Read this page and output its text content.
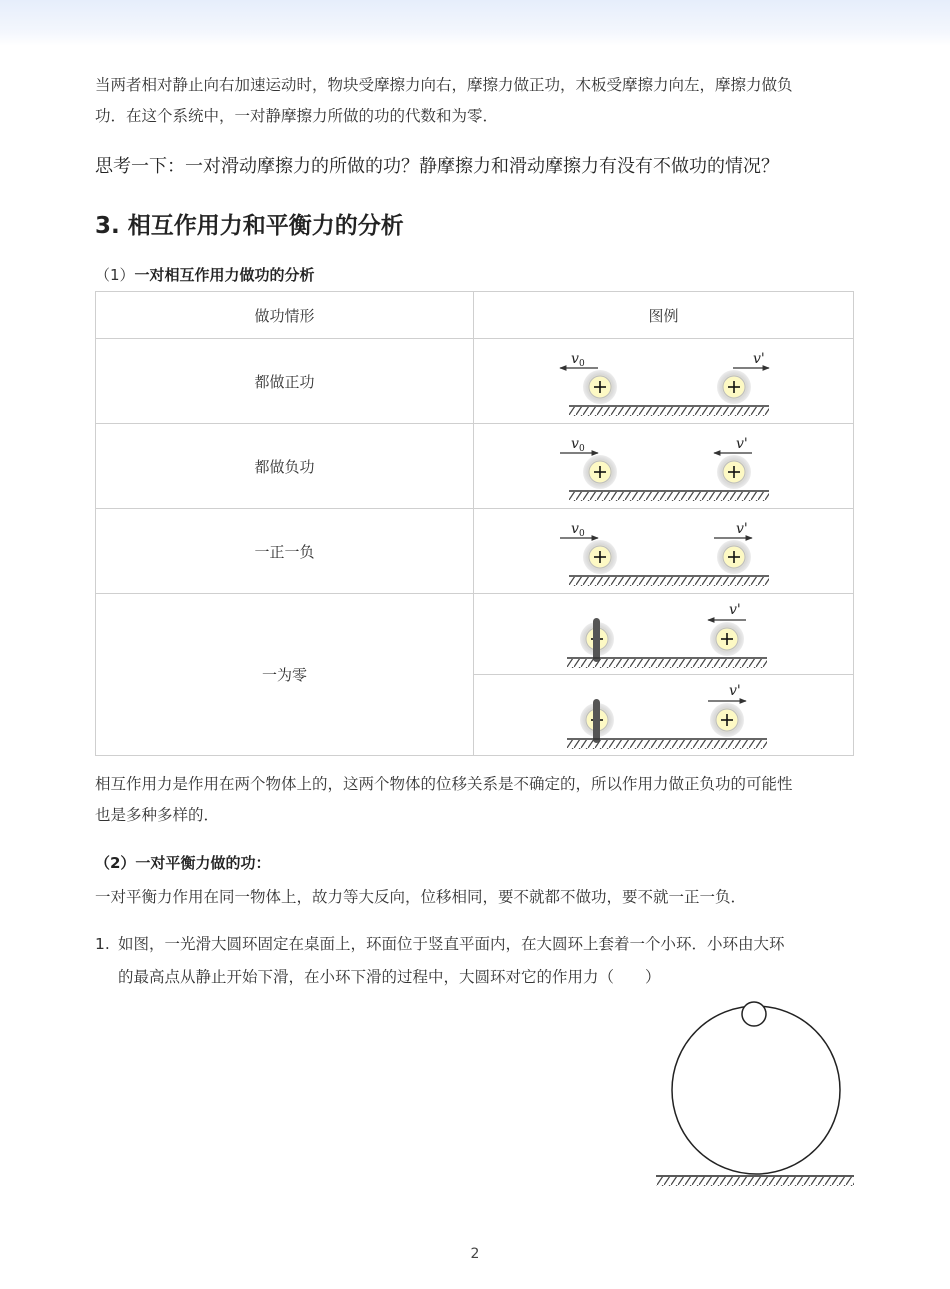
当两者相对静止向右加速运动时，物块受摩擦力向右，摩擦力做正功，木板受摩擦力向左，摩擦力做负
功．在这个系统中，一对静摩擦力所做的功的代数和为零．
思考一下：一对滑动摩擦力的所做的功？静摩擦力和滑动摩擦力有没有不做功的情况？
3. 相互作用力和平衡力的分析
（1）一对相互作用力做功的分析
做功情形	图例
都做正功	v 0 v'

都做负功	v 0 v'

一正一负	v 0 v'

一为零	v'

v'
相互作用力是作用在两个物体上的，这两个物体的位移关系是不确定的，所以作用力做正负功的可能性
也是多种多样的．
（2）一对平衡力做的功：
一对平衡力作用在同一物体上，故力等大反向，位移相同，要不就都不做功，要不就一正一负．
1. 如图，一光滑大圆环固定在桌面上，环面位于竖直平面内，在大圆环上套着一个小环．小环由大环
的最高点从静止开始下滑，在小环下滑的过程中，大圆环对它的作用力（　　）
2
